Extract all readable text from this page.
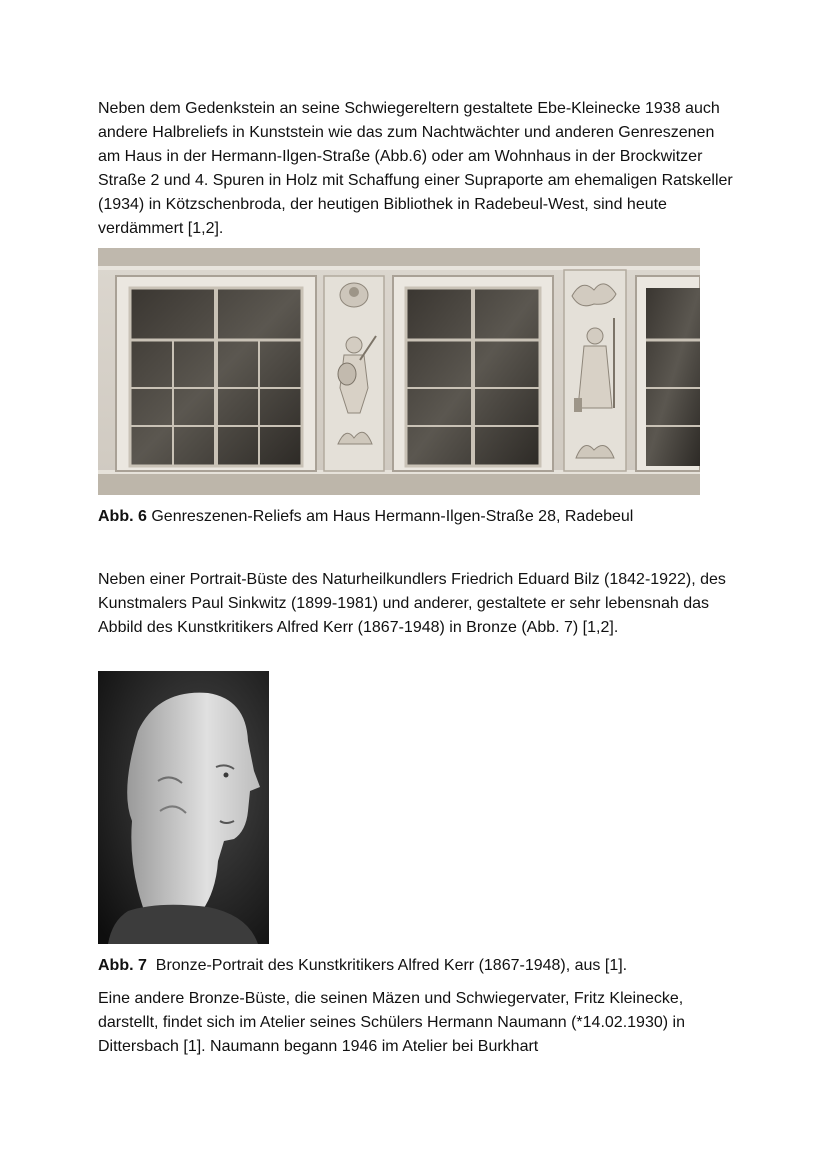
Neben dem Gedenkstein an seine Schwiegereltern gestaltete Ebe-Kleinecke 1938 auch andere Halbreliefs in Kunststein wie das zum Nachtwächter und anderen Genreszenen am Haus in der Hermann-Ilgen-Straße (Abb.6) oder am Wohnhaus in der Brockwitzer Straße 2 und 4. Spuren in Holz mit Schaffung einer Supraporte am ehemaligen Ratskeller (1934) in Kötzschenbroda, der heutigen Bibliothek in Radebeul-West, sind heute verdämmert [1,2].

Abb. 6 Genreszenen-Reliefs am Haus Hermann-Ilgen-Straße 28, Radebeul

Neben einer Portrait-Büste des Naturheilkundlers Friedrich Eduard Bilz (1842-1922), des Kunstmalers Paul Sinkwitz (1899-1981) und anderer, gestaltete er sehr lebensnah das Abbild des Kunstkritikers Alfred Kerr (1867-1948) in Bronze (Abb. 7) [1,2].

Abb. 7 Bronze-Portrait des Kunstkritikers Alfred Kerr (1867-1948), aus [1].

Eine andere Bronze-Büste, die seinen Mäzen und Schwiegervater, Fritz Kleinecke, darstellt, findet sich im Atelier seines Schülers Hermann Naumann (*14.02.1930) in Dittersbach [1]. Naumann begann 1946 im Atelier bei Burkhart
